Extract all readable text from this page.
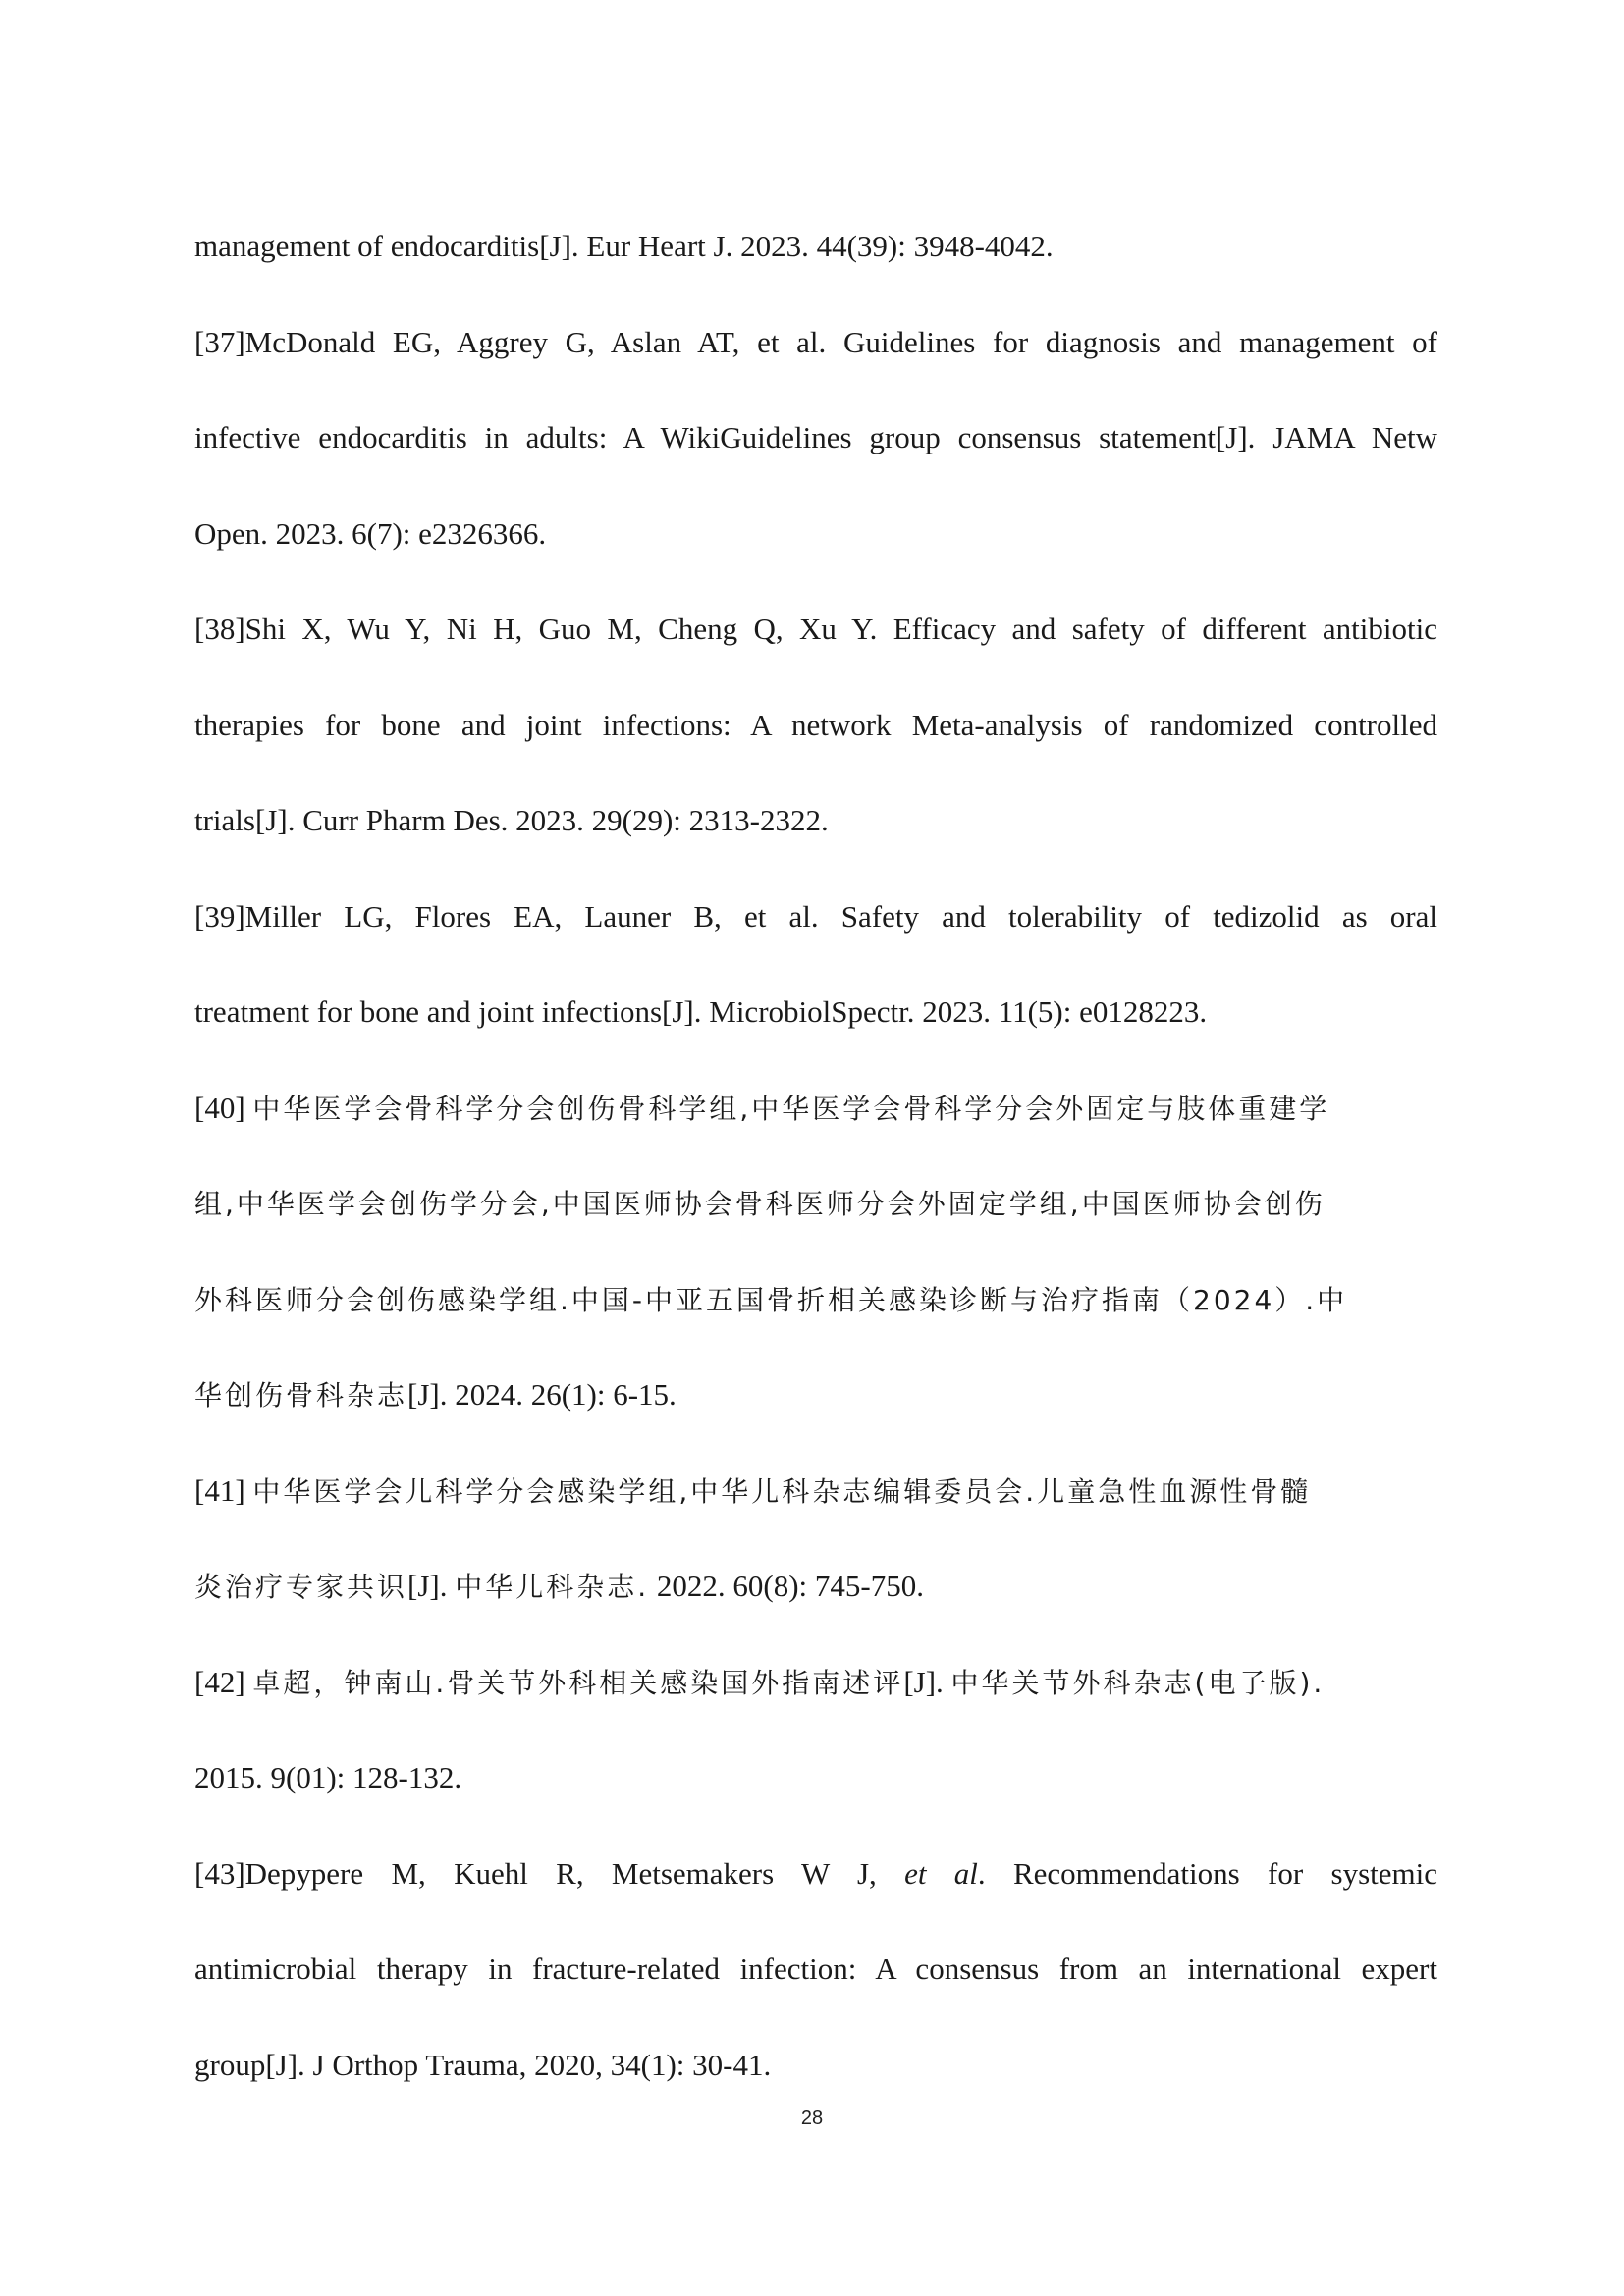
management of endocarditis[J]. Eur Heart J. 2023. 44(39): 3948-4042.
[37]McDonald EG, Aggrey G, Aslan AT, et al. Guidelines for diagnosis and management of
infective endocarditis in adults: A WikiGuidelines group consensus statement[J]. JAMA Netw
Open. 2023. 6(7): e2326366.
[38]Shi X, Wu Y, Ni H, Guo M, Cheng Q, Xu Y. Efficacy and safety of different antibiotic
therapies for bone and joint infections: A network Meta-analysis of randomized controlled
trials[J]. Curr Pharm Des. 2023. 29(29): 2313-2322.
[39]Miller LG, Flores EA, Launer B, et al. Safety and tolerability of tedizolid as oral
treatment for bone and joint infections[J]. MicrobiolSpectr. 2023. 11(5): e0128223.
[40] 中华医学会骨科学分会创伤骨科学组,中华医学会骨科学分会外固定与肢体重建学
组,中华医学会创伤学分会,中国医师协会骨科医师分会外固定学组,中国医师协会创伤
外科医师分会创伤感染学组.中国-中亚五国骨折相关感染诊断与治疗指南（2024）.中
华创伤骨科杂志[J]. 2024. 26(1): 6-15.
[41] 中华医学会儿科学分会感染学组,中华儿科杂志编辑委员会.儿童急性血源性骨髓
炎治疗专家共识[J]. 中华儿科杂志. 2022. 60(8): 745-750.
[42] 卓超，钟南山.骨关节外科相关感染国外指南述评[J]. 中华关节外科杂志(电子版).
2015. 9(01): 128-132.
[43]Depypere M, Kuehl R, Metsemakers W J, et al. Recommendations for systemic
antimicrobial therapy in fracture-related infection: A consensus from an international expert
group[J]. J Orthop Trauma, 2020, 34(1): 30-41.
28
